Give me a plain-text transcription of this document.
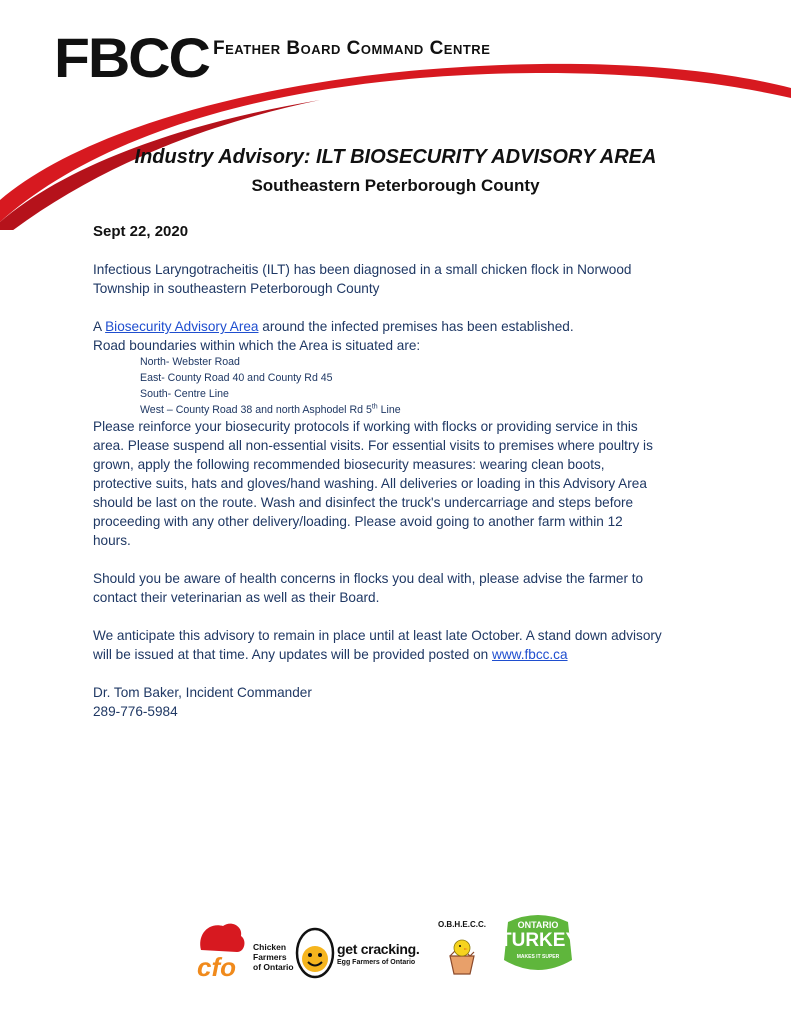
FBCC Feather Board Command Centre
Industry Advisory: ILT BIOSECURITY ADVISORY AREA
Southeastern Peterborough County
Sept 22, 2020
Infectious Laryngotracheitis (ILT) has been diagnosed in a small chicken flock in Norwood
Township in southeastern Peterborough County
A Biosecurity Advisory Area around the infected premises has been established.
Road boundaries within which the Area is situated are:
North- Webster Road
East- County Road 40 and County Rd 45
South- Centre Line
West – County Road 38 and north Asphodel Rd 5th Line
Please reinforce your biosecurity protocols if working with flocks or providing service in this
area. Please suspend all non-essential visits. For essential visits to premises where poultry is
grown, apply the following recommended biosecurity measures: wearing clean boots,
protective suits, hats and gloves/hand washing. All deliveries or loading in this Advisory Area
should be last on the route. Wash and disinfect the truck's undercarriage and steps before
proceeding with any other delivery/loading. Please avoid going to another farm within 12
hours.
Should you be aware of health concerns in flocks you deal with, please advise the farmer to
contact their veterinarian as well as their Board.
We anticipate this advisory to remain in place until at least late October. A stand down advisory
will be issued at that time. Any updates will be provided posted on www.fbcc.ca
Dr. Tom Baker, Incident Commander
289-776-5984
cfo
Chicken
Farmers
of Ontario
get cracking.
Egg Farmers of Ontario
O.B.H.E.C.C.	ONTARIO
TURKEY
MAKES IT SUPER
